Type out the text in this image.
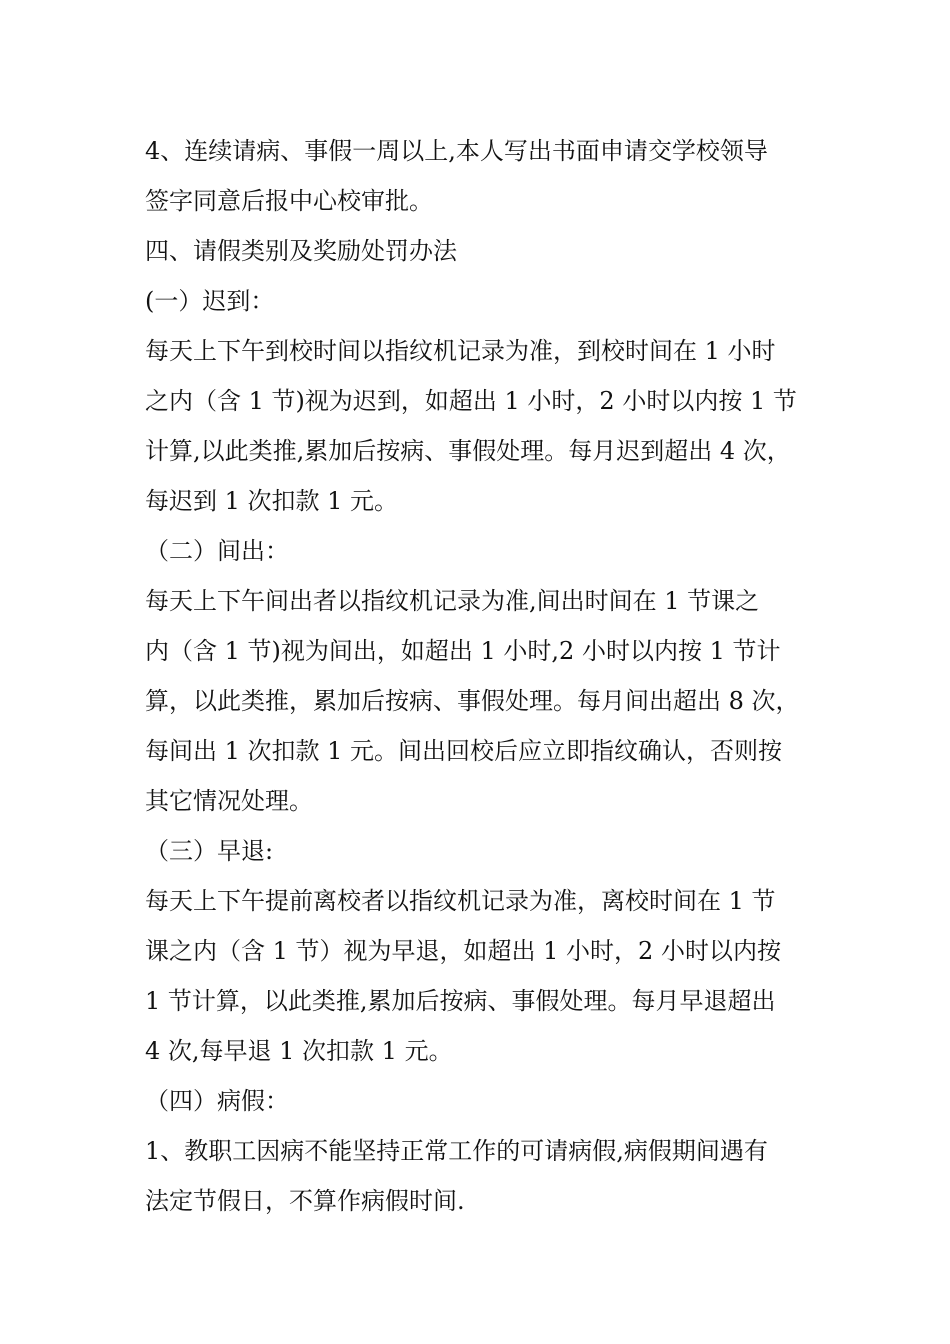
4、连续请病、事假一周以上,本人写出书面申请交学校领导

签字同意后报中心校审批。

四、请假类别及奖励处罚办法

(一）迟到：

每天上下午到校时间以指纹机记录为准，到校时间在 1 小时

之内（含 1 节)视为迟到，如超出 1 小时，2 小时以内按 1 节

计算,以此类推,累加后按病、事假处理。每月迟到超出 4 次，

每迟到 1 次扣款 1 元。

（二）间出：

每天上下午间出者以指纹机记录为准,间出时间在 1 节课之

内（含 1 节)视为间出，如超出 1 小时,2 小时以内按 1 节计

算，以此类推，累加后按病、事假处理。每月间出超出 8 次，

每间出 1 次扣款 1 元。间出回校后应立即指纹确认，否则按

其它情况处理。

（三）早退:

每天上下午提前离校者以指纹机记录为准，离校时间在 1 节

课之内（含 1 节）视为早退，如超出 1 小时，2 小时以内按

1 节计算，以此类推,累加后按病、事假处理。每月早退超出

4 次,每早退 1 次扣款 1 元。

（四）病假：

1、教职工因病不能坚持正常工作的可请病假,病假期间遇有

法定节假日，不算作病假时间.
